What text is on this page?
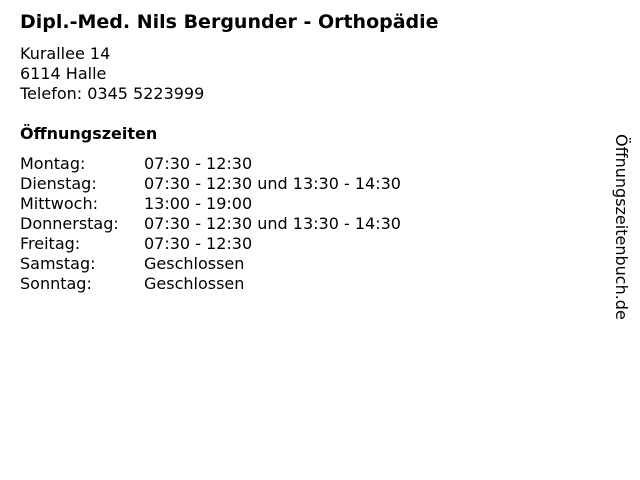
Dipl.-Med. Nils Bergunder - Orthopädie
Kurallee 14
6114 Halle
Telefon: 0345 5223999
Öffnungszeiten
Montag:	07:30 - 12:30
Dienstag:	07:30 - 12:30 und 13:30 - 14:30
Mittwoch:	13:00 - 19:00
Donnerstag:	07:30 - 12:30 und 13:30 - 14:30
Freitag:	07:30 - 12:30
Samstag:	Geschlossen
Sonntag:	Geschlossen	Öffnungszeitenbuch.de
